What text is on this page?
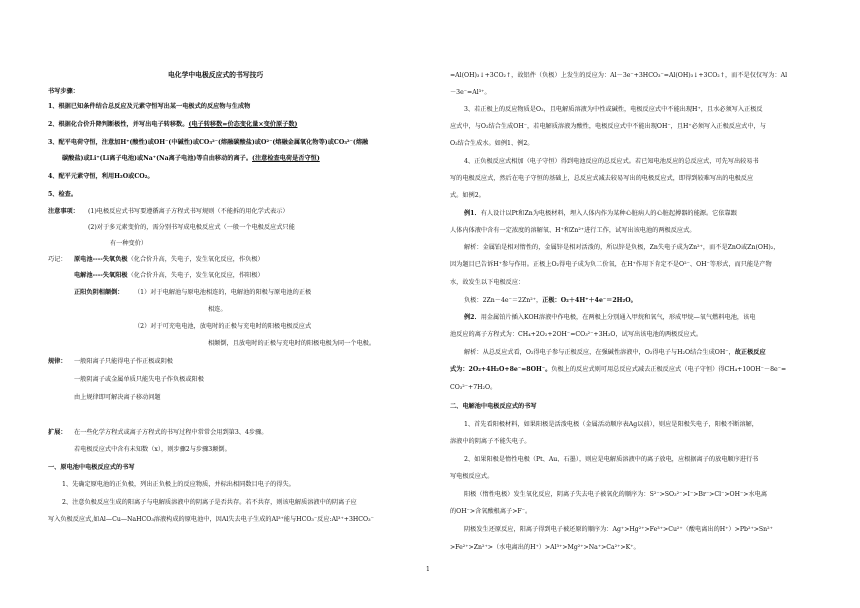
电化学中电极反应式的书写技巧
书写步骤：
1、根据已知条件结合总反应及元素守恒写出某一电极式的反应物与生成物
2、根据化合价升降判断极性，并写出电子转移数。(电子转移数=价态变化量×变价原子数)
3、配平电荷守恒，注意加H⁺(酸性)或OH⁻(中碱性)或CO₃²⁻(熔融碳酸盐)或O²⁻(熔融金属氧化物等)或CO₃²⁻(熔融
碳酸盐)或Li⁺(Li离子电池)或Na⁺(Na离子电池)等自由移动的离子。(注意检查电荷是否守恒)
4、配平元素守恒，利用H₂O或CO₂。
5、检查。
注意事项： (1)电极反应式书写要遵循离子方程式书写规则（不能拆的用化学式表示）
(2)对于多元素变价的，需分别书写成电极反应式（一般一个电极反应式只能
有一种变价）
巧记： 原电池----失氧负极（化合价升高，失电子，发生氧化反应，作负极）
电解池----失氧阳极（化合价升高，失电子，发生氧化反应，作阳极）
正阳负阴相颠倒： （1）对于电解池与原电池相连的，电解池的阳极与原电池的正极
相连。
（2）对于可充电电池，放电时的正极与充电时的阳极电极反应式
相颠倒，且放电时的正极与充电时的阳极电极为同一个电极。
规律： 一般阳离子只能得电子作正极或阴极
一般阴离子或金属单质只能失电子作负极或阳极
由上规律即可解决离子移动问题
扩展： 在一些化学方程式或离子方程式的书写过程中常常会用到第3、4步骤。
若电极反应式中含有未知数（x），则步骤2与步骤3颠倒。
一、原电池中电极反应式的书写
1、先确定原电池的正负极，列出正负极上的反应物质，并标出相同数目电子的得失。
2、注意负极反应生成的阳离子与电解质溶液中的阴离子是否共存。若不共存，则该电解质溶液中的阴离子应
写入负极反应式,如Al—Cu—NaHCO₃溶液构成的原电池中，因Al失去电子生成的Al³⁺能与HCO₃⁻反应:Al³⁺+3HCO₃⁻
=Al(OH)₃↓+3CO₂↑，故铝件（负极）上发生的反应为：Al－3e⁻+3HCO₃⁻=Al(OH)₃↓+3CO₂↑，而不是仅仅写为：Al
－3e⁻=Al³⁺。
3、若正极上的反应物质是O₂，且电解质溶液为中性或碱性，电极反应式中不能出现H⁺，且水必须写入正极反
应式中，与O₂结合生成OH⁻，若电解质溶液为酸性，电极反应式中不能出现OH⁻，且H⁺必须写入正极反应式中，与
O₂结合生成水。如例1、例2。
4、正负极反应式相加（电子守恒）得到电池反应的总反应式。若已知电池反应的总反应式，可先写出较易书
写的电极反应式，然后在电子守恒的基础上，总反应式减去较易写出的电极反应式，即得到较难写出的电极反应
式。如例2。
例1．有人设计以Pt和Zn为电极材料，埋入人体内作为某种心脏病人的心脏起搏器的能源。它依靠跟
人体内体液中含有一定浓度的溶解氧、H⁺和Zn²⁺进行工作，试写出该电池的两极反应式。
解析：金属铂是相对惰性的，金属锌是相对活泼的，所以锌是负极，Zn失电子成为Zn²⁺，而不是ZnO或Zn(OH)₂，
因为题目已告诉H⁺参与作用。正极上O₂得电子成为负二价氧，在H⁺作用下肯定不是O²⁻、OH⁻等形式，而只能是产物
水，故发生以下电极反应：
负极：2Zn－4e⁻＝2Zn²⁺，正极：O₂＋4H⁺＋4e⁻＝2H₂O。
例2．用金属铂片插入KOH溶液中作电极，在两极上分别通入甲烷和氧气，形成甲烷—氧气燃料电池，该电
池反应的离子方程式为：CH₄+2O₂+2OH⁻=CO₃²⁻+3H₂O，试写出该电池的两极反应式。
解析：从总反应式看，O₂得电子参与正极反应，在强碱性溶液中，O₂得电子与H₂O结合生成OH⁻，故正极反应
式为：2O₂+4H₂O+8e⁻=8OH⁻。负极上的反应式则可用总反应式减去正极反应式（电子守恒）得CH₄+10OH⁻－8e⁻=
CO₃²⁻+7H₂O。
二、电解池中电极反应式的书写
1、首先看阳极材料，如果阳极是活泼电极（金属活动顺序表Ag以前），则应是阳极失电子，阳极不断溶解，
溶液中的阴离子不能失电子。
2、如果阳极是惰性电极（Pt、Au、石墨），则应是电解质溶液中的离子放电，应根据离子的放电顺序进行书
写电极反应式。
阳极（惰性电极）发生氧化反应，阴离子失去电子被氧化的顺序为：S²⁻>SO₃²⁻>I⁻>Br⁻>Cl⁻>OH⁻>水电离
的OH⁻>含氧酸根离子>F⁻。
阴极发生还原反应，阳离子得到电子被还原的顺序为：Ag⁺>Hg²⁺>Fe³⁺>Cu²⁺（酸电离出的H⁺）>Pb²⁺>Sn²⁺
>Fe²⁺>Zn²⁺>（水电离出的H⁺）>Al³⁺>Mg²⁺>Na⁺>Ca²⁺>K⁺。
1
